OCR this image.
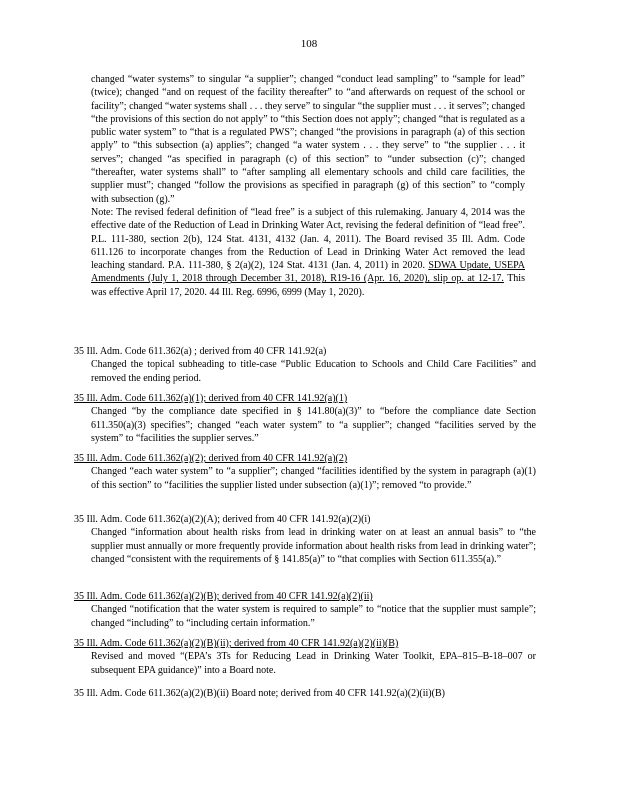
108

changed “water systems” to singular “a supplier”; changed “conduct lead sampling” to “sample for lead” (twice); changed “and on request of the facility thereafter” to “and afterwards on request of the school or facility”; changed “water systems shall . . . they serve” to singular “the supplier must . . . it serves”; changed “the provisions of this section do not apply” to “this Section does not apply”; changed “that is regulated as a public water system” to “that is a regulated PWS”; changed “the provisions in paragraph (a) of this section apply” to “this subsection (a) applies”; changed “a water system . . . they serve” to “the supplier . . . it serves”; changed “as specified in paragraph (c) of this section” to “under subsection (c)”; changed “thereafter, water systems shall” to “after sampling all elementary schools and child care facilities, the supplier must”; changed “follow the provisions as specified in paragraph (g) of this section” to “comply with subsection (g).”

Note: The revised federal definition of “lead free” is a subject of this rulemaking. January 4, 2014 was the effective date of the Reduction of Lead in Drinking Water Act, revising the federal definition of “lead free”. P.L. 111-380, section 2(b), 124 Stat. 4131, 4132 (Jan. 4, 2011). The Board revised 35 Ill. Adm. Code 611.126 to incorporate changes from the Reduction of Lead in Drinking Water Act removed the lead leaching standard. P.A. 111-380, § 2(a)(2), 124 Stat. 4131 (Jan. 4, 2011) in 2020. SDWA Update, USEPA Amendments (July 1, 2018 through December 31, 2018), R19-16 (Apr. 16, 2020), slip op. at 12-17. This was effective April 17, 2020. 44 Ill. Reg. 6996, 6999 (May 1, 2020).

35 Ill. Adm. Code 611.362(a) ; derived from 40 CFR 141.92(a)
Changed the topical subheading to title-case “Public Education to Schools and Child Care Facilities” and removed the ending period.
35 Ill. Adm. Code 611.362(a)(1); derived from 40 CFR 141.92(a)(1)
Changed “by the compliance date specified in § 141.80(a)(3)” to “before the compliance date Section 611.350(a)(3) specifies”; changed “each water system” to “a supplier”; changed “facilities served by the system” to “facilities the supplier serves.”
35 Ill. Adm. Code 611.362(a)(2); derived from 40 CFR 141.92(a)(2)
Changed “each water system” to “a supplier”; changed “facilities identified by the system in paragraph (a)(1) of this section” to “facilities the supplier listed under subsection (a)(1)”; removed “to provide.”
35 Ill. Adm. Code 611.362(a)(2)(A); derived from 40 CFR 141.92(a)(2)(i)
Changed “information about health risks from lead in drinking water on at least an annual basis” to “the supplier must annually or more frequently provide information about health risks from lead in drinking water”; changed “consistent with the requirements of § 141.85(a)” to “that complies with Section 611.355(a).”
35 Ill. Adm. Code 611.362(a)(2)(B); derived from 40 CFR 141.92(a)(2)(ii)
Changed “notification that the water system is required to sample” to “notice that the supplier must sample”; changed “including” to “including certain information.”
35 Ill. Adm. Code 611.362(a)(2)(B)(ii); derived from 40 CFR 141.92(a)(2)(ii)(B)
Revised and moved “(EPA’s 3Ts for Reducing Lead in Drinking Water Toolkit, EPA–815–B-18–007 or subsequent EPA guidance)” into a Board note.
35 Ill. Adm. Code 611.362(a)(2)(B)(ii) Board note; derived from 40 CFR 141.92(a)(2)(ii)(B)
